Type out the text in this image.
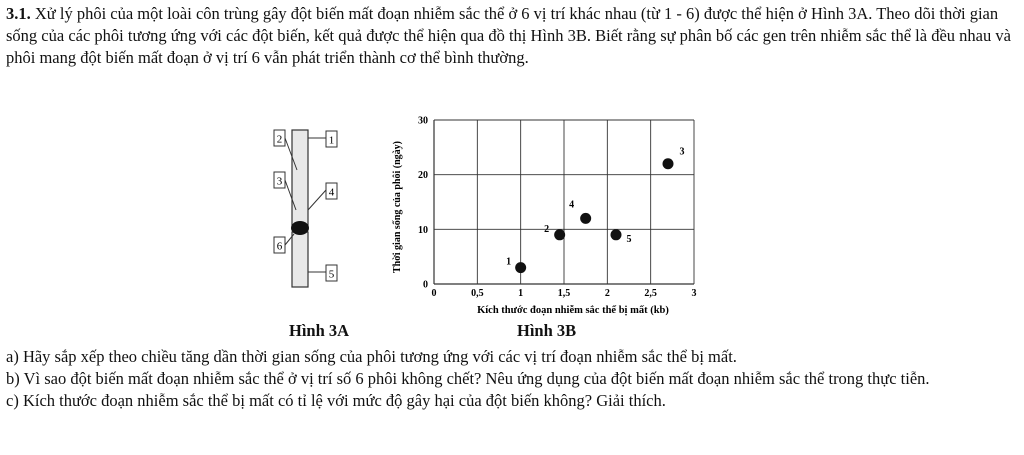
3.1. Xử lý phôi của một loài côn trùng gây đột biến mất đoạn nhiễm sắc thể ở 6 vị trí khác nhau (từ 1 - 6) được thể hiện ở Hình 3A. Theo dõi thời gian sống của các phôi tương ứng với các đột biến, kết quả được thể hiện qua đồ thị Hình 3B. Biết rằng sự phân bố các gen trên nhiễm sắc thể là đều nhau và phôi mang đột biến mất đoạn ở vị trí 6 vẫn phát triển thành cơ thể bình thường.
2	1
3
4
6
5
0	0,5	1	1,5	2	2,5	3
0
10
20
30
1
2
3
4
5
Thời gian sống của phôi (ngày)
Kích thước đoạn nhiễm sắc thể bị mất (kb)
Hình 3A	Hình 3B
a) Hãy sắp xếp theo chiều tăng dần thời gian sống của phôi tương ứng với các vị trí đoạn nhiễm sắc thể bị mất.
b) Vì sao đột biến mất đoạn nhiễm sắc thể ở vị trí số 6 phôi không chết? Nêu ứng dụng của đột biến mất đoạn nhiễm sắc thể trong thực tiễn.
c) Kích thước đoạn nhiễm sắc thể bị mất có tỉ lệ với mức độ gây hại của đột biến không? Giải thích.
